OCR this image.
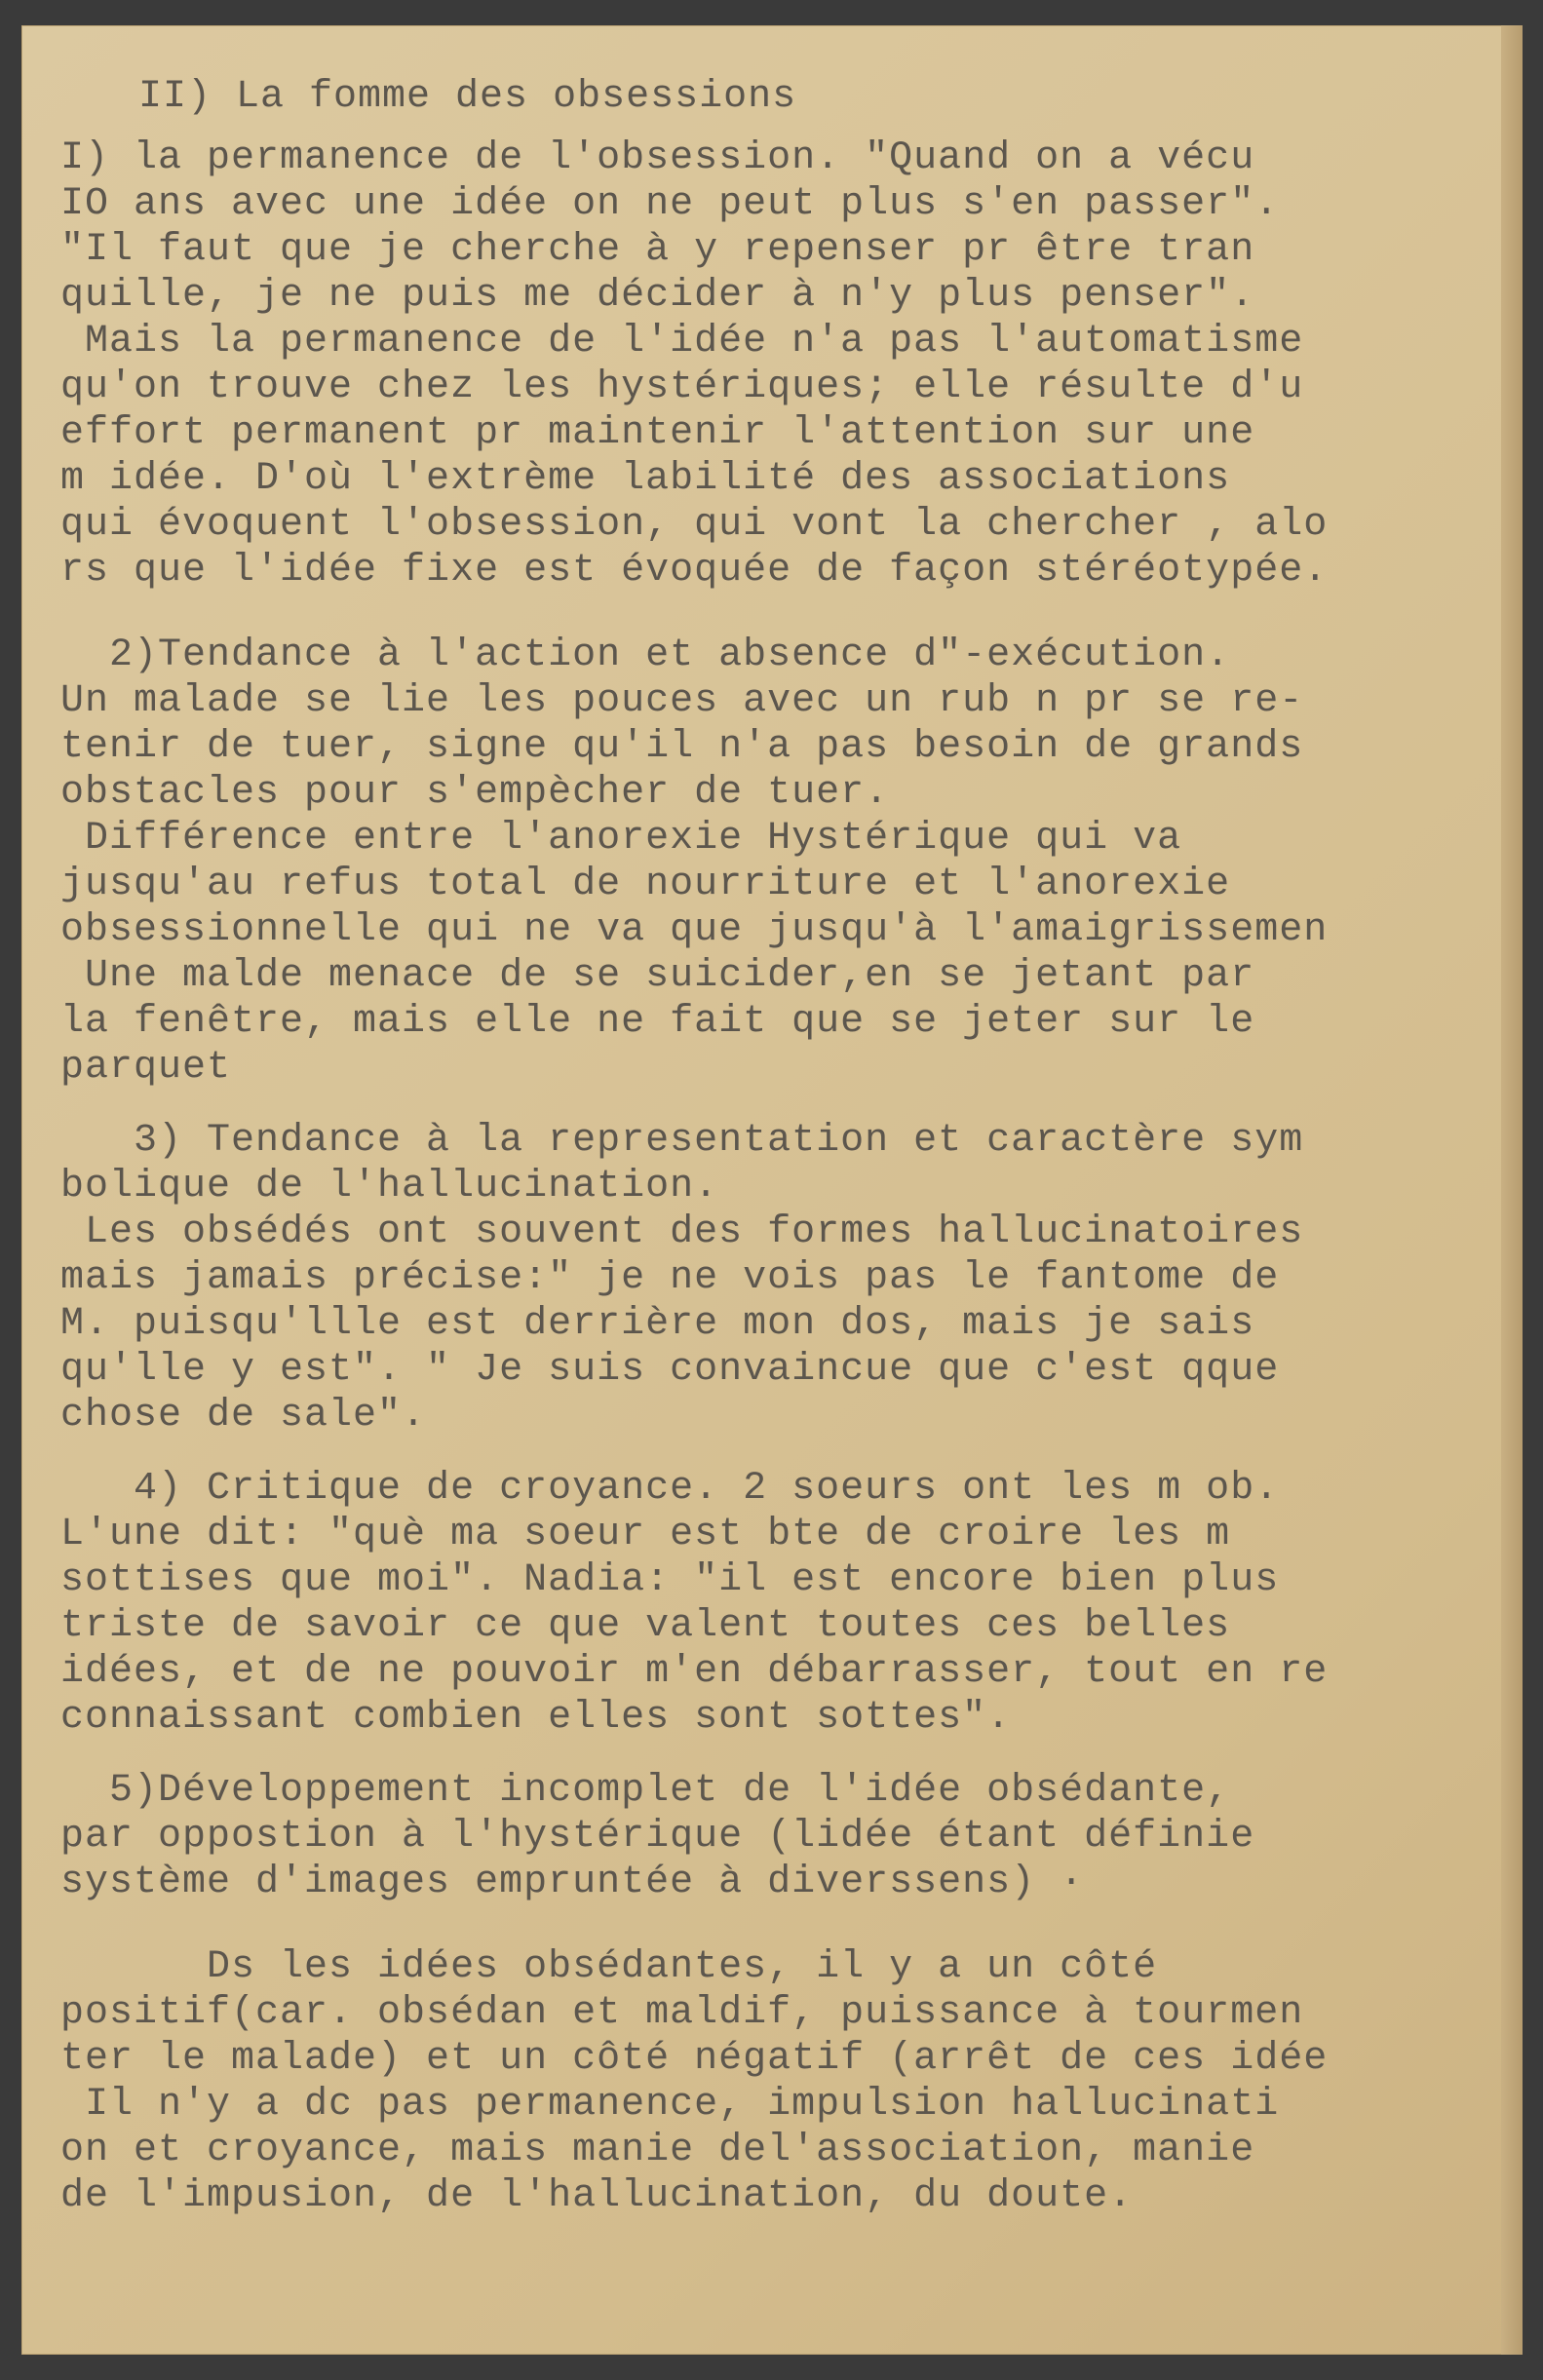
II) La fomme des obsessions
I) la permanence de l'obsession. "Quand on a vécu
IO ans avec une idée on ne peut plus s'en passer".
"Il faut que je cherche à y repenser pr être tran
quille, je ne puis me décider à n'y plus penser".
Mais la permanence de l'idée n'a pas l'automatisme
qu'on trouve chez les hystériques; elle résulte d'u
effort permanent pr maintenir l'attention sur une
m idée. D'où l'extrème labilité des associations
qui évoquent l'obsession, qui vont la chercher , alo
rs que l'idée fixe est évoquée de façon stéréotypée.
2)Tendance à l'action et absence d"-exécution.
Un malade se lie les pouces avec un rub n pr se re-
tenir de tuer, signe qu'il n'a pas besoin de grands
obstacles pour s'empècher de tuer.
Différence entre l'anorexie Hystérique qui va
jusqu'au refus total de nourriture et l'anorexie
obsessionnelle qui ne va que jusqu'à l'amaigrissemen
Une malde menace de se suicider,en se jetant par
la fenêtre, mais elle ne fait que se jeter sur le
parquet
3) Tendance à la representation et caractère sym
bolique de l'hallucination.
Les obsédés ont souvent des formes hallucinatoires
mais jamais précise:" je ne vois pas le fantome de
M. puisqu'llle est derrière mon dos, mais je sais
qu'lle y est". " Je suis convaincue que c'est qque
chose de sale".
4) Critique de croyance. 2 soeurs ont les m ob.
L'une dit: "què ma soeur est bte de croire les m
sottises que moi". Nadia: "il est encore bien plus
triste de savoir ce que valent toutes ces belles
idées, et de ne pouvoir m'en débarrasser, tout en re
connaissant combien elles sont sottes".
5)Développement incomplet de l'idée obsédante,
par oppostion à l'hystérique (lidée étant définie
système d'images empruntée à diverssens) ·
Ds les idées obsédantes, il y a un côté
positif(car. obsédan et maldif, puissance à tourmen
ter le malade) et un côté négatif (arrêt de ces idée
Il n'y a dc pas permanence, impulsion hallucinati
on et croyance, mais manie del'association, manie
de l'impusion, de l'hallucination, du doute.
